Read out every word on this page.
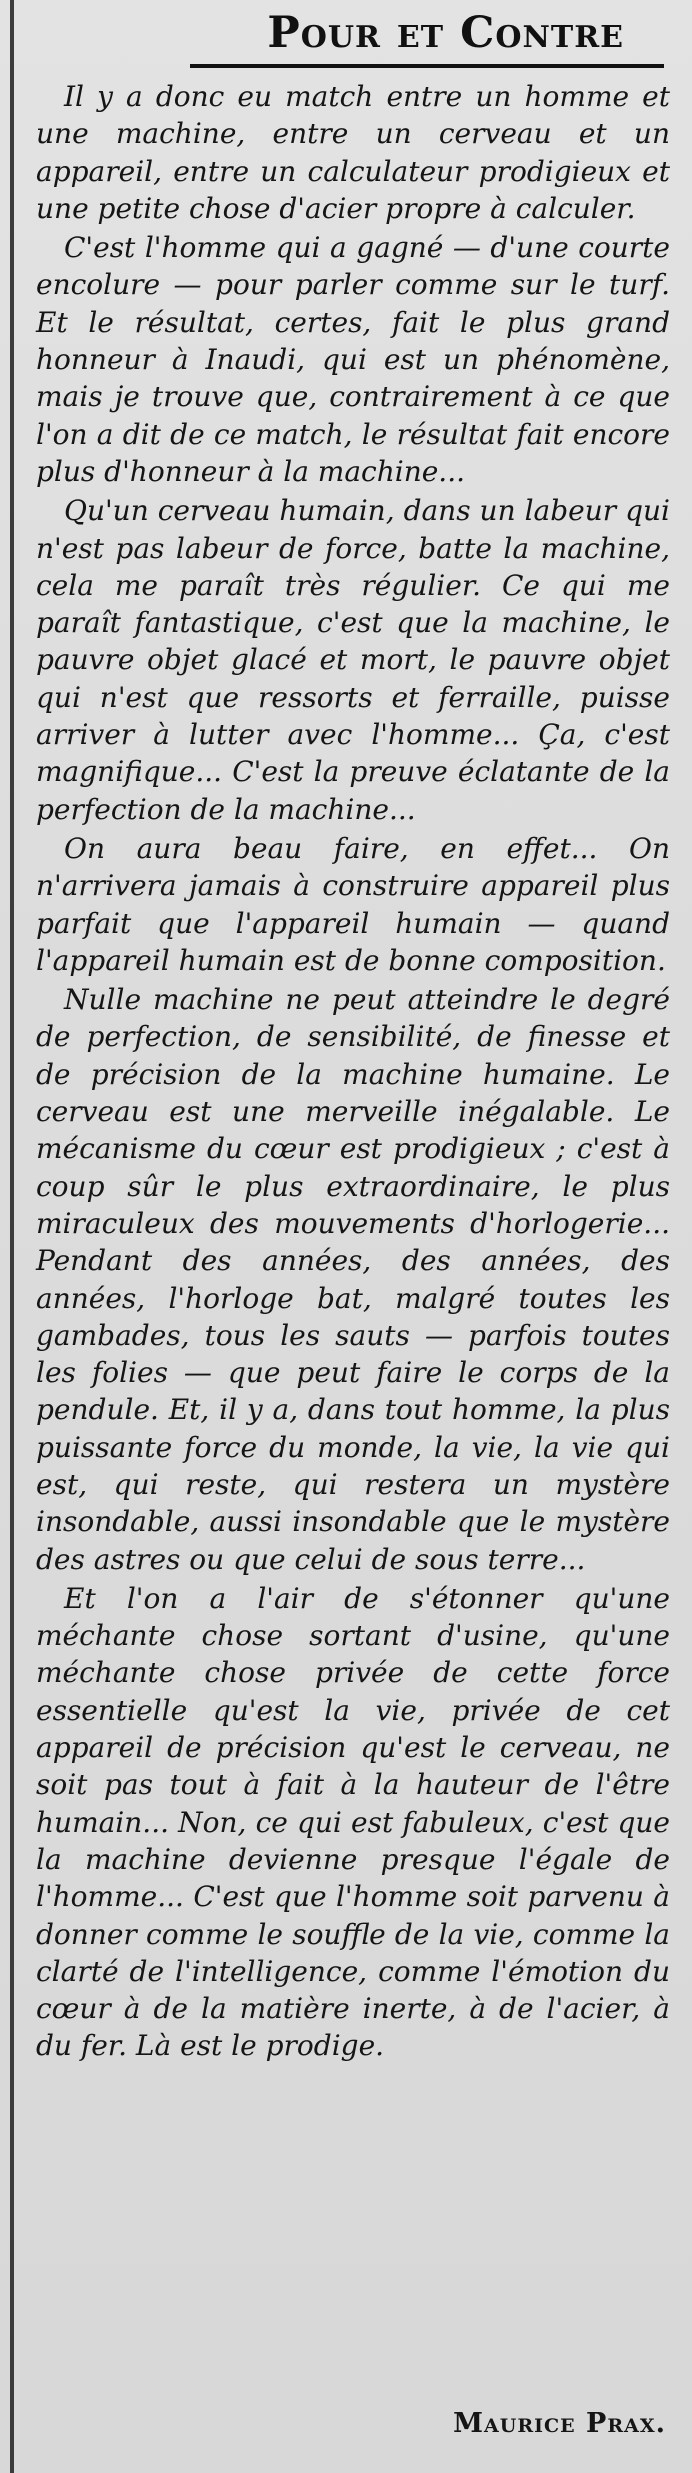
Pour et Contre

Il y a donc eu match entre un homme et une machine, entre un cerveau et un appareil, entre un calculateur prodigieux et une petite chose d'acier propre à calculer.

C'est l'homme qui a gagné — d'une courte encolure — pour parler comme sur le turf. Et le résultat, certes, fait le plus grand honneur à Inaudi, qui est un phénomène, mais je trouve que, contrairement à ce que l'on a dit de ce match, le résultat fait encore plus d'honneur à la machine...

Qu'un cerveau humain, dans un labeur qui n'est pas labeur de force, batte la machine, cela me paraît très régulier. Ce qui me paraît fantastique, c'est que la machine, le pauvre objet glacé et mort, le pauvre objet qui n'est que ressorts et ferraille, puisse arriver à lutter avec l'homme... Ça, c'est magnifique... C'est la preuve éclatante de la perfection de la machine...

On aura beau faire, en effet... On n'arrivera jamais à construire appareil plus parfait que l'appareil humain — quand l'appareil humain est de bonne composition.

Nulle machine ne peut atteindre le degré de perfection, de sensibilité, de finesse et de précision de la machine humaine. Le cerveau est une merveille inégalable. Le mécanisme du cœur est prodigieux ; c'est à coup sûr le plus extraordinaire, le plus miraculeux des mouvements d'horlogerie... Pendant des années, des années, des années, l'horloge bat, malgré toutes les gambades, tous les sauts — parfois toutes les folies — que peut faire le corps de la pendule. Et, il y a, dans tout homme, la plus puissante force du monde, la vie, la vie qui est, qui reste, qui restera un mystère insondable, aussi insondable que le mystère des astres ou que celui de sous terre...

Et l'on a l'air de s'étonner qu'une méchante chose sortant d'usine, qu'une méchante chose privée de cette force essentielle qu'est la vie, privée de cet appareil de précision qu'est le cerveau, ne soit pas tout à fait à la hauteur de l'être humain... Non, ce qui est fabuleux, c'est que la machine devienne presque l'égale de l'homme... C'est que l'homme soit parvenu à donner comme le souffle de la vie, comme la clarté de l'intelligence, comme l'émotion du cœur à de la matière inerte, à de l'acier, à du fer. Là est le prodige.

Maurice Prax.
